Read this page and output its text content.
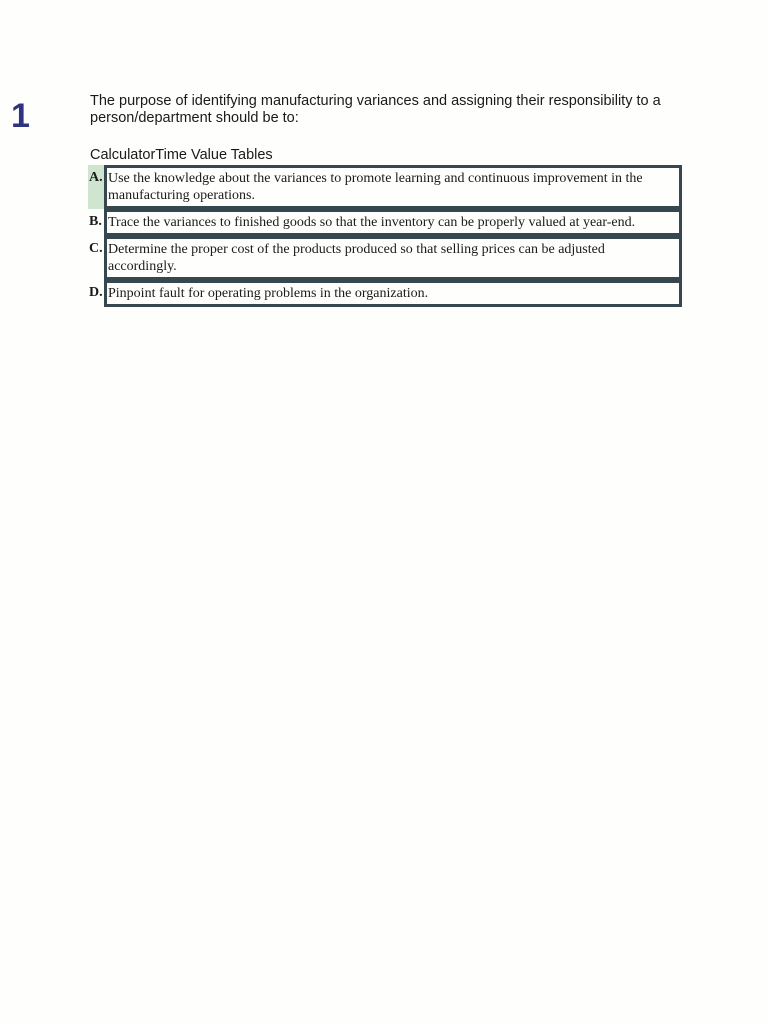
1	The purpose of identifying manufacturing variances and assigning their responsibility to a person/department should be to:
CalculatorTime Value Tables
A. Use the knowledge about the variances to promote learning and continuous improvement in the manufacturing operations.
B. Trace the variances to finished goods so that the inventory can be properly valued at year-end.
C. Determine the proper cost of the products produced so that selling prices can be adjusted accordingly.
D. Pinpoint fault for operating problems in the organization.
